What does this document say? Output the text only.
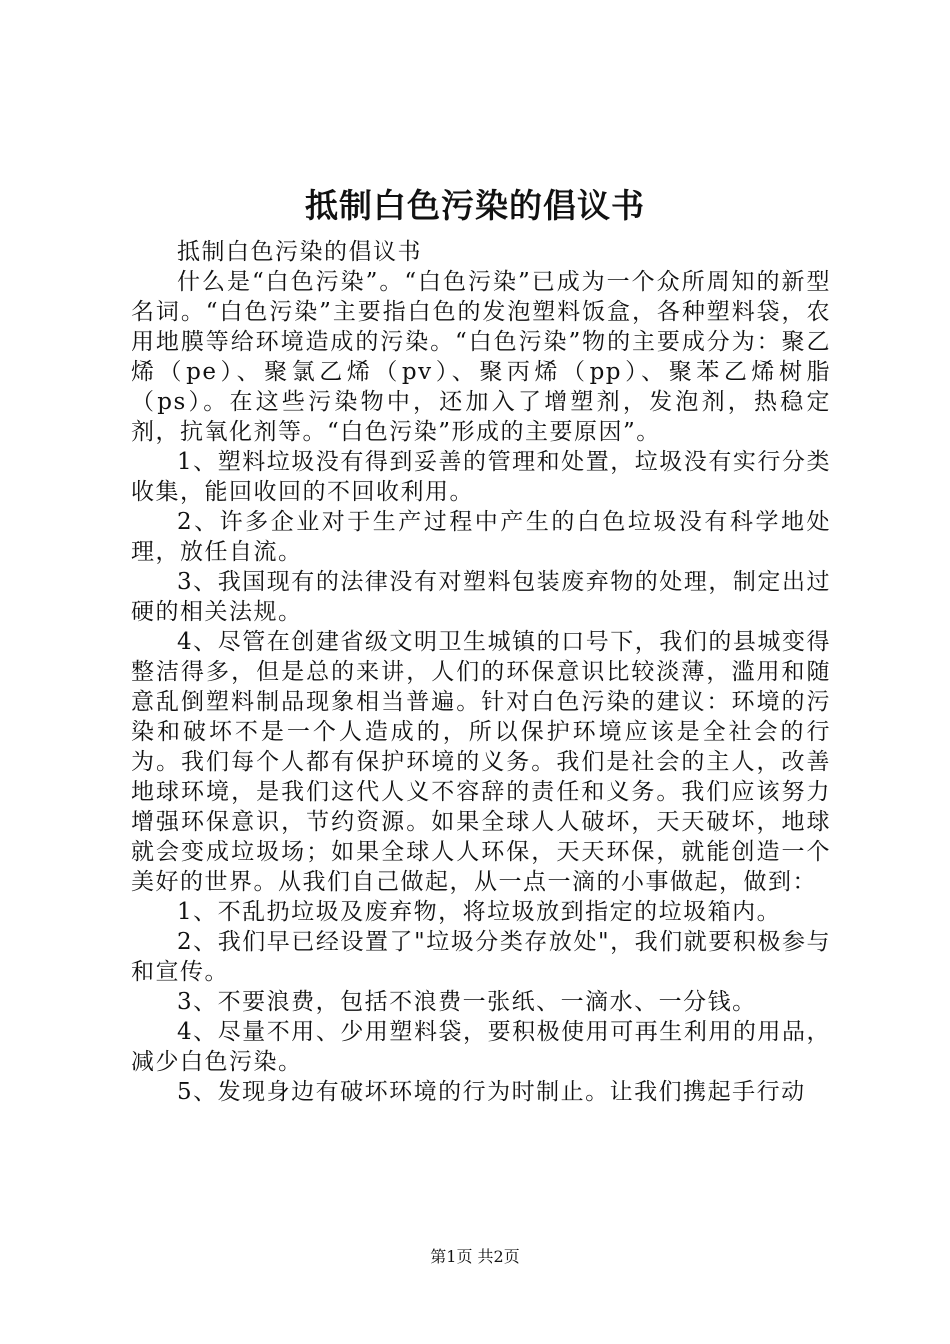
抵制白色污染的倡议书

抵制白色污染的倡议书

什么是“白色污染”。“白色污染”已成为一个众所周知的新型名词。“白色污染”主要指白色的发泡塑料饭盒，各种塑料袋，农用地膜等给环境造成的污染。“白色污染”物的主要成分为：聚乙烯（pe）、聚氯乙烯（pv）、聚丙烯（pp）、聚苯乙烯树脂（ps）。在这些污染物中，还加入了增塑剂，发泡剂，热稳定剂，抗氧化剂等。“白色污染”形成的主要原因”。

1、塑料垃圾没有得到妥善的管理和处置，垃圾没有实行分类收集，能回收回的不回收利用。

2、许多企业对于生产过程中产生的白色垃圾没有科学地处理，放任自流。

3、我国现有的法律没有对塑料包装废弃物的处理，制定出过硬的相关法规。

4、尽管在创建省级文明卫生城镇的口号下，我们的县城变得整洁得多，但是总的来讲，人们的环保意识比较淡薄，滥用和随意乱倒塑料制品现象相当普遍。针对白色污染的建议：环境的污染和破坏不是一个人造成的，所以保护环境应该是全社会的行为。我们每个人都有保护环境的义务。我们是社会的主人，改善地球环境，是我们这代人义不容辞的责任和义务。我们应该努力增强环保意识，节约资源。如果全球人人破坏，天天破坏，地球就会变成垃圾场；如果全球人人环保，天天环保，就能创造一个美好的世界。从我们自己做起，从一点一滴的小事做起，做到：

1、不乱扔垃圾及废弃物，将垃圾放到指定的垃圾箱内。

2、我们早已经设置了"垃圾分类存放处"，我们就要积极参与和宣传。

3、不要浪费，包括不浪费一张纸、一滴水、一分钱。

4、尽量不用、少用塑料袋，要积极使用可再生利用的用品，减少白色污染。

5、发现身边有破坏环境的行为时制止。让我们携起手行动

第1页 共2页
